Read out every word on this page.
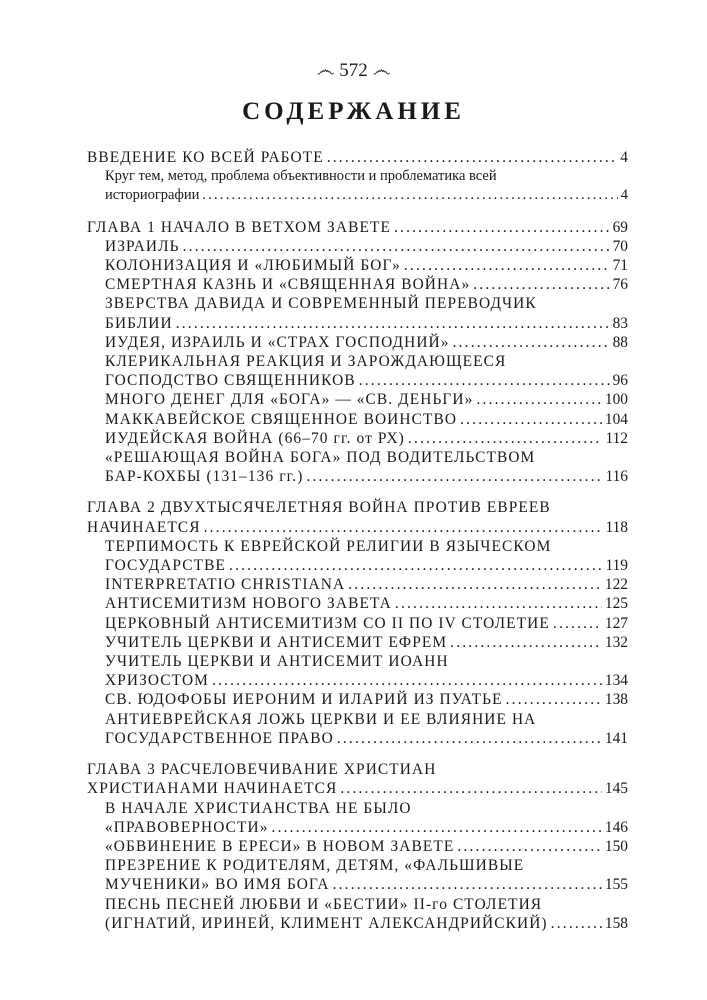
෴ 572 ෴
СОДЕРЖАНИЕ
ВВЕДЕНИЕ КО ВСЕЙ РАБОТЕ .....	4
Круг тем, метод, проблема объективности и проблематика всей
историографии .....	4
ГЛАВА 1 НАЧАЛО В ВЕТХОМ ЗАВЕТЕ .....	69
ИЗРАИЛЬ .....	70
КОЛОНИЗАЦИЯ И «ЛЮБИМЫЙ БОГ» .....	71
СМЕРТНАЯ КАЗНЬ И «СВЯЩЕННАЯ ВОЙНА» .....	76
ЗВЕРСТВА ДАВИДА И СОВРЕМЕННЫЙ ПЕРЕВОДЧИК
БИБЛИИ .....	83
ИУДЕЯ, ИЗРАИЛЬ И «СТРАХ ГОСПОДНИЙ» .....	88
КЛЕРИКАЛЬНАЯ РЕАКЦИЯ И ЗАРОЖДАЮЩЕЕСЯ
ГОСПОДСТВО СВЯЩЕННИКОВ .....	96
МНОГО ДЕНЕГ ДЛЯ «БОГА» — «СВ. ДЕНЬГИ» .....	100
МАККАВЕЙСКОЕ СВЯЩЕННОЕ ВОИНСТВО .....	104
ИУДЕЙСКАЯ ВОЙНА (66–70 гг. от РХ) .....	112
«РЕШАЮЩАЯ ВОЙНА БОГА» ПОД ВОДИТЕЛЬСТВОМ
БАР-КОХБЫ (131–136 гг.) .....	116
ГЛАВА 2 ДВУХТЫСЯЧЕЛЕТНЯЯ ВОЙНА ПРОТИВ ЕВРЕЕВ
НАЧИНАЕТСЯ .....	118
ТЕРПИМОСТЬ К ЕВРЕЙСКОЙ РЕЛИГИИ В ЯЗЫЧЕСКОМ
ГОСУДАРСТВЕ .....	119
INTERPRETATIO CHRISTIANA .....	122
АНТИСЕМИТИЗМ НОВОГО ЗАВЕТА .....	125
ЦЕРКОВНЫЙ АНТИСЕМИТИЗМ СО II ПО IV СТОЛЕТИЕ .....	127
УЧИТЕЛЬ ЦЕРКВИ И АНТИСЕМИТ ЕФРЕМ .....	132
УЧИТЕЛЬ ЦЕРКВИ И АНТИСЕМИТ ИОАНН
ХРИЗОСТОМ .....	134
СВ. ЮДОФОБЫ ИЕРОНИМ И ИЛАРИЙ ИЗ ПУАТЬЕ .....	138
АНТИЕВРЕЙСКАЯ ЛОЖЬ ЦЕРКВИ И ЕЕ ВЛИЯНИЕ НА
ГОСУДАРСТВЕННОЕ ПРАВО .....	141
ГЛАВА 3 РАСЧЕЛОВЕЧИВАНИЕ ХРИСТИАН
ХРИСТИАНАМИ НАЧИНАЕТСЯ .....	145
В НАЧАЛЕ ХРИСТИАНСТВА НЕ БЫЛО
«ПРАВОВЕРНОСТИ» .....	146
«ОБВИНЕНИЕ В ЕРЕСИ» В НОВОМ ЗАВЕТЕ .....	150
ПРЕЗРЕНИЕ К РОДИТЕЛЯМ, ДЕТЯМ, «ФАЛЬШИВЫЕ
МУЧЕНИКИ» ВО ИМЯ БОГА .....	155
ПЕСНЬ ПЕСНЕЙ ЛЮБВИ И «БЕСТИИ» II-го СТОЛЕТИЯ
(ИГНАТИЙ, ИРИНЕЙ, КЛИМЕНТ АЛЕКСАНДРИЙСКИЙ) .....	158
